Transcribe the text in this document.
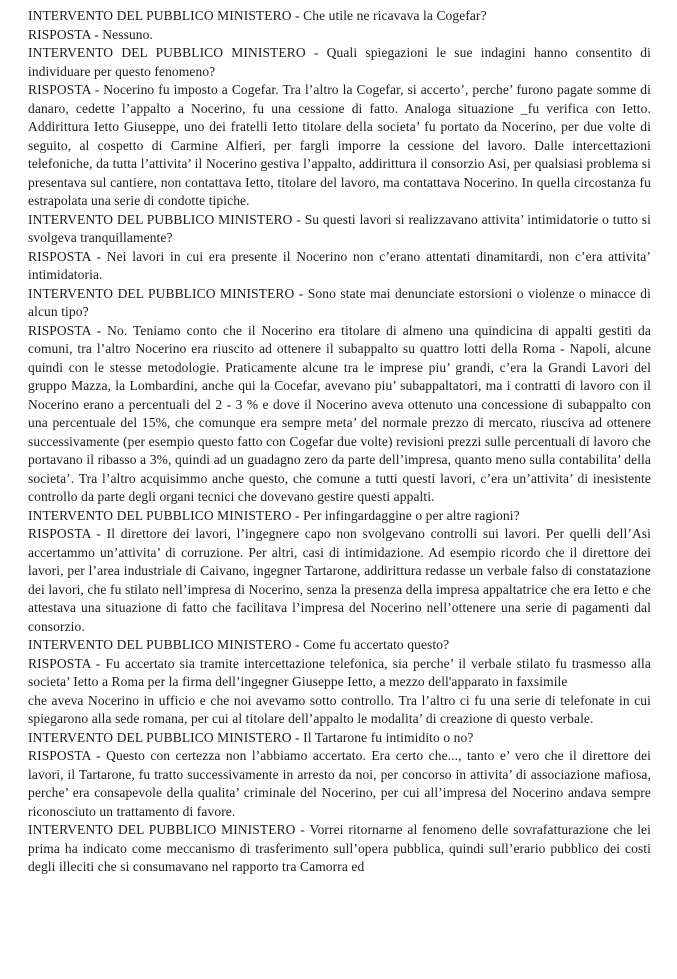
INTERVENTO DEL PUBBLICO MINISTERO - Che utile ne ricavava la Cogefar?

RISPOSTA - Nessuno.

INTERVENTO DEL PUBBLICO MINISTERO - Quali spiegazioni le sue indagini hanno consentito di individuare per questo fenomeno?

RISPOSTA - Nocerino fu imposto a Cogefar. Tra l’altro la Cogefar, si accerto’, perche’ furono pagate somme di danaro, cedette l’appalto a Nocerino, fu una cessione di fatto. Analoga situazione _fu verifica con Ietto. Addirittura Ietto Giuseppe, uno dei fratelli Ietto titolare della societa’ fu portato da Nocerino, per due volte di seguito, al cospetto di Carmine Alfieri, per fargli imporre la cessione del lavoro. Dalle intercettazioni telefoniche, da tutta l’attivita’ il Nocerino gestiva l’appalto, addirittura il consorzio Asi, per qualsiasi problema si presentava sul cantiere, non contattava Ietto, titolare del lavoro, ma contattava Nocerino. In quella circostanza fu estrapolata una serie di condotte tipiche.

INTERVENTO DEL PUBBLICO MINISTERO - Su questi lavori si realizzavano attivita’ intimidatorie o tutto si svolgeva tranquillamente?

RISPOSTA - Nei lavori in cui era presente il Nocerino non c’erano attentati dinamitardi, non c’era attivita’ intimidatoria.

INTERVENTO DEL PUBBLICO MINISTERO - Sono state mai denunciate estorsioni o violenze o minacce di alcun tipo?

RISPOSTA - No. Teniamo conto che il Nocerino era titolare di almeno una quindicina di appalti gestiti da comuni, tra l’altro Nocerino era riuscito ad ottenere il subappalto su quattro lotti della Roma - Napoli, alcune quindi con le stesse metodologie. Praticamente alcune tra le imprese piu’ grandi, c’era la Grandi Lavori del gruppo Mazza, la Lombardini, anche qui la Cocefar, avevano piu’ subappaltatori, ma i contratti di lavoro con il Nocerino erano a percentuali del 2 - 3 % e dove il Nocerino aveva ottenuto una concessione di subappalto con una percentuale del 15%, che comunque era sempre meta’ del normale prezzo di mercato, riusciva ad ottenere successivamente (per esempio questo fatto con Cogefar due volte) revisioni prezzi sulle percentuali di lavoro che portavano il ribasso a 3%, quindi ad un guadagno zero da parte dell’impresa, quanto meno sulla contabilita’ della societa’. Tra l’altro acquisimmo anche questo, che comune a tutti questi lavori, c’era un’attivita’ di inesistente controllo da parte degli organi tecnici che dovevano gestire questi appalti.

INTERVENTO DEL PUBBLICO MINISTERO - Per infingardaggine o per altre ragioni?

RISPOSTA - Il direttore dei lavori, l’ingegnere capo non svolgevano controlli sui lavori. Per quelli dell’Asi accertammo un’attivita’ di corruzione. Per altri, casi di intimidazione. Ad esempio ricordo che il direttore dei lavori, per l’area industriale di Caivano, ingegner Tartarone, addirittura redasse un verbale falso di constatazione dei lavori, che fu stilato nell’impresa di Nocerino, senza la presenza della impresa appaltatrice che era Ietto e che attestava una situazione di fatto che facilitava l’impresa del Nocerino nell’ottenere una serie di pagamenti dal consorzio.

INTERVENTO DEL PUBBLICO MINISTERO - Come fu accertato questo?

RISPOSTA - Fu accertato sia tramite intercettazione telefonica, sia perche’ il verbale stilato fu trasmesso alla societa’ Ietto a Roma per la firma dell’ingegner Giuseppe Ietto, a mezzo dell'apparato in faxsimile

che aveva Nocerino in ufficio e che noi avevamo sotto controllo. Tra l’altro ci fu una serie di telefonate in cui spiegarono alla sede romana, per cui al titolare dell’appalto le modalita’ di creazione di questo verbale.

INTERVENTO DEL PUBBLICO MINISTERO - Il Tartarone fu intimidito o no?

RISPOSTA - Questo con certezza non l’abbiamo accertato. Era certo che..., tanto e’ vero che il direttore dei lavori, il Tartarone, fu tratto successivamente in arresto da noi, per concorso in attivita’ di associazione mafiosa, perche’ era consapevole della qualita’ criminale del Nocerino, per cui all’impresa del Nocerino andava sempre riconosciuto un trattamento di favore.

INTERVENTO DEL PUBBLICO MINISTERO - Vorrei ritornarne al fenomeno delle sovrafatturazione che lei prima ha indicato come meccanismo di trasferimento sull’opera pubblica, quindi sull’erario pubblico dei costi degli illeciti che si consumavano nel rapporto tra Camorra ed
